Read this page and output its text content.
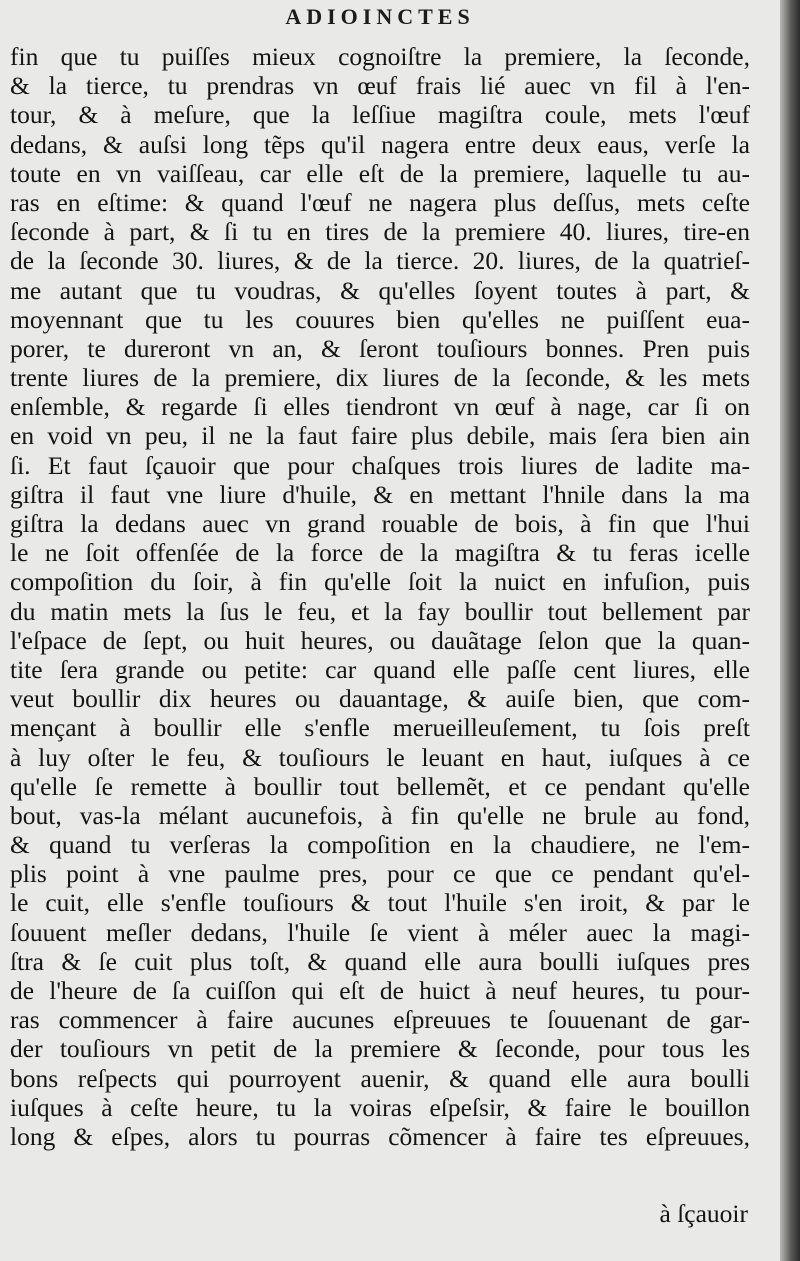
ADIOINCTES
fin que tu puiſſes mieux cognoiſtre la premiere, la ſeconde,
& la tierce, tu prendras vn œuf frais lié auec vn fil à l'en-
tour, & à meſure, que la leſſiue magiſtra coule, mets l'œuf
dedans, & auſsi long tẽps qu'il nagera entre deux eaus, verſe la
toute en vn vaiſſeau, car elle eſt de la premiere, laquelle tu au-
ras en eſtime: & quand l'œuf ne nagera plus deſſus, mets ceſte
ſeconde à part, & ſi tu en tires de la premiere 40. liures, tire-en
de la ſeconde 30. liures, & de la tierce. 20. liures, de la quatrieſ-
me autant que tu voudras, & qu'elles ſoyent toutes à part, &
moyennant que tu les couures bien qu'elles ne puiſſent eua-
porer, te dureront vn an, & ſeront touſiours bonnes. Pren puis
trente liures de la premiere, dix liures de la ſeconde, & les mets
enſemble, & regarde ſi elles tiendront vn œuf à nage, car ſi on
en void vn peu, il ne la faut faire plus debile, mais ſera bien ain
ſi. Et faut ſçauoir que pour chaſques trois liures de ladite ma-
giſtra il faut vne liure d'huile, & en mettant l'hnile dans la ma
giſtra la dedans auec vn grand rouable de bois, à fin que l'hui
le ne ſoit offenſée de la force de la magiſtra & tu feras icelle
compoſition du ſoir, à fin qu'elle ſoit la nuict en infuſion, puis
du matin mets la ſus le feu, et la fay boullir tout bellement par
l'eſpace de ſept, ou huit heures, ou dauãtage ſelon que la quan-
tite ſera grande ou petite: car quand elle paſſe cent liures, elle
veut boullir dix heures ou dauantage, & auiſe bien, que com-
mençant à boullir elle s'enfle merueilleuſement, tu ſois preſt
à luy oſter le feu, & touſiours le leuant en haut, iuſques à ce
qu'elle ſe remette à boullir tout bellemẽt, et ce pendant qu'elle
bout, vas-la mélant aucunefois, à fin qu'elle ne brule au fond,
& quand tu verſeras la compoſition en la chaudiere, ne l'em-
plis point à vne paulme pres, pour ce que ce pendant qu'el-
le cuit, elle s'enfle touſiours & tout l'huile s'en iroit, & par le
ſouuent meſler dedans, l'huile ſe vient à méler auec la magi-
ſtra & ſe cuit plus toſt, & quand elle aura boulli iuſques pres
de l'heure de ſa cuiſſon qui eſt de huict à neuf heures, tu pour-
ras commencer à faire aucunes eſpreuues te ſouuenant de gar-
der touſiours vn petit de la premiere & ſeconde, pour tous les
bons reſpects qui pourroyent auenir, & quand elle aura boulli
iuſques à ceſte heure, tu la voiras eſpeſsir, & faire le bouillon
long & eſpes, alors tu pourras cõmencer à faire tes eſpreuues,
à ſçauoir
